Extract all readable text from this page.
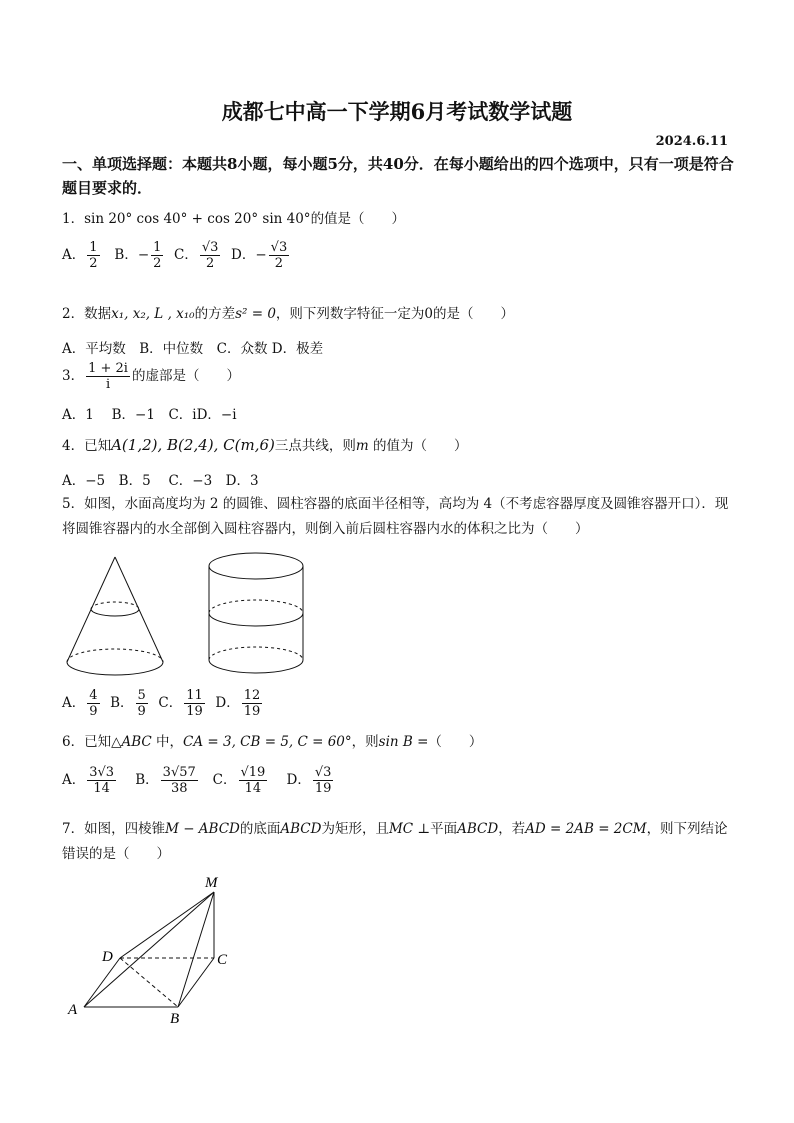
成都七中高一下学期6月考试数学试题
2024.6.11
一、单项选择题：本题共8小题，每小题5分，共40分．在每小题给出的四个选项中，只有一项是符合题目要求的．
1．sin 20° cos 40° + cos 20° sin 40°的值是（　　）
A． $\frac{1}{2}$ B．− $\frac{1}{2}$ C． $\frac{√3}{2}$ D．− $\frac{√3}{2}$
2．数据x₁, x₂, L , x₁₀的方差s² = 0，则下列数字特征一定为0的是（　　）
A．平均数　B．中位数　C．众数 D．极差
3． $\frac{1 + 2i}{i}$ 的虚部是（　　）
A．1　 B．−1　C．iD．−i
4．已知A(1,2), B(2,4), C(m,6)三点共线，则m 的值为（　　）
A．−5　B．5　 C．−3　D．3
5．如图，水面高度均为 2 的圆锥、圆柱容器的底面半径相等，高均为 4（不考虑容器厚度及圆锥容器开口）．现将圆锥容器内的水全部倒入圆柱容器内，则倒入前后圆柱容器内水的体积之比为（　　）
A． $\frac{4}{9}$ B． $\frac{5}{9}$ C． $\frac{11}{19}$ D． $\frac{12}{19}$
6．已知△ABC 中，CA = 3, CB = 5, C = 60°，则sin B =（　　）
A． $\frac{3√3}{14}$ B． $\frac{3√57}{38}$ C． $\frac{√19}{14}$ D． $\frac{√3}{19}$
7．如图，四棱锥M − ABCD的底面ABCD为矩形，且MC ⊥平面ABCD，若AD = 2AB = 2CM，则下列结论错误的是（　　）
M
D	C
A
B
